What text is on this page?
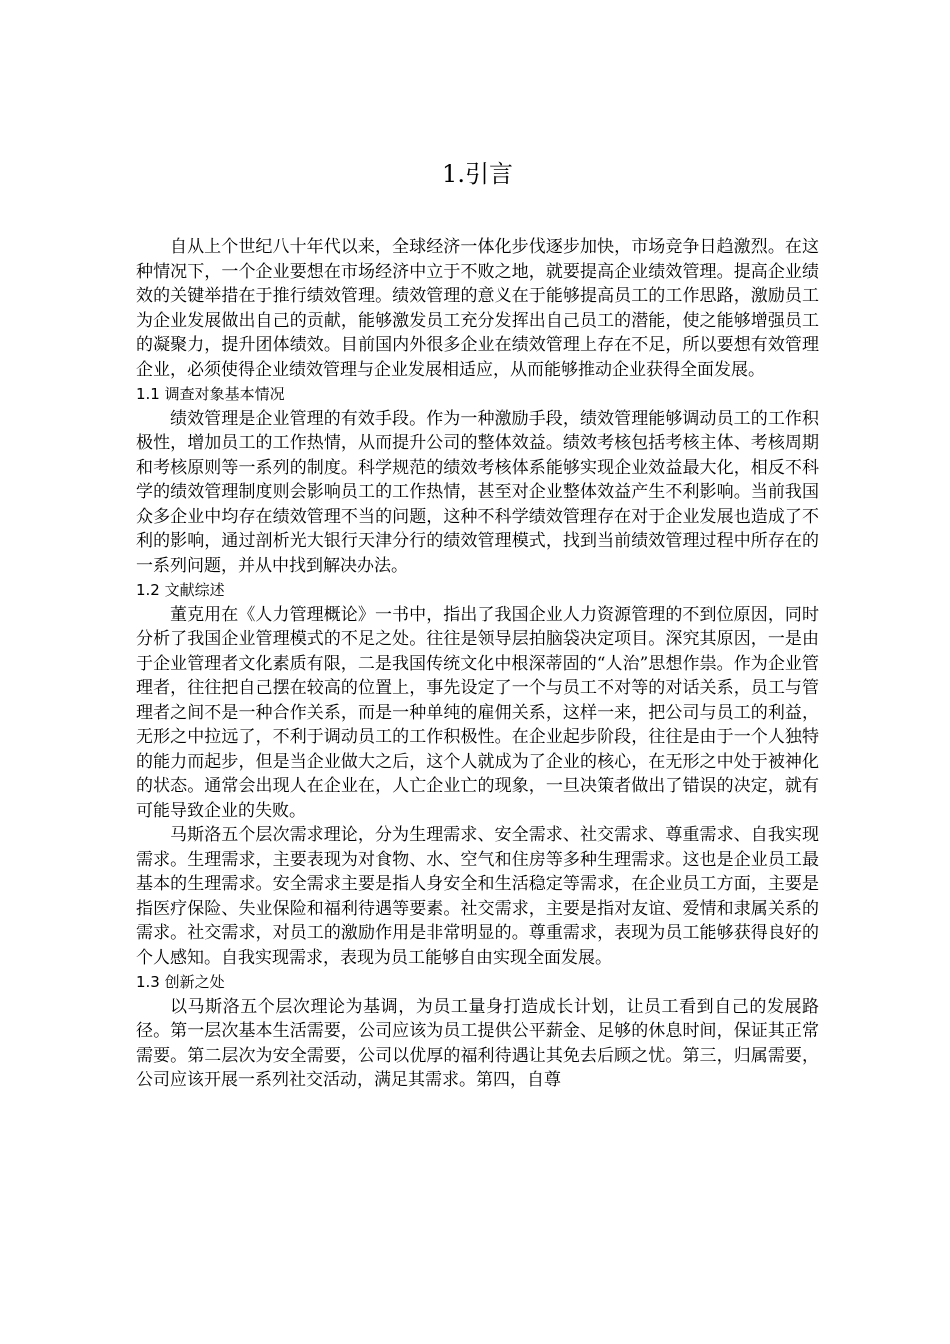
1.引言

自从上个世纪八十年代以来，全球经济一体化步伐逐步加快，市场竞争日趋激烈。在这种情况下，一个企业要想在市场经济中立于不败之地，就要提高企业绩效管理。提高企业绩效的关键举措在于推行绩效管理。绩效管理的意义在于能够提高员工的工作思路，激励员工为企业发展做出自己的贡献，能够激发员工充分发挥出自己员工的潜能，使之能够增强员工的凝聚力，提升团体绩效。目前国内外很多企业在绩效管理上存在不足，所以要想有效管理企业，必须使得企业绩效管理与企业发展相适应，从而能够推动企业获得全面发展。

1.1 调查对象基本情况

绩效管理是企业管理的有效手段。作为一种激励手段，绩效管理能够调动员工的工作积极性，增加员工的工作热情，从而提升公司的整体效益。绩效考核包括考核主体、考核周期和考核原则等一系列的制度。科学规范的绩效考核体系能够实现企业效益最大化，相反不科学的绩效管理制度则会影响员工的工作热情，甚至对企业整体效益产生不利影响。当前我国众多企业中均存在绩效管理不当的问题，这种不科学绩效管理存在对于企业发展也造成了不利的影响，通过剖析光大银行天津分行的绩效管理模式，找到当前绩效管理过程中所存在的一系列问题，并从中找到解决办法。

1.2 文献综述

董克用在《人力管理概论》一书中，指出了我国企业人力资源管理的不到位原因，同时分析了我国企业管理模式的不足之处。往往是领导层拍脑袋决定项目。深究其原因，一是由于企业管理者文化素质有限，二是我国传统文化中根深蒂固的“人治”思想作祟。作为企业管理者，往往把自己摆在较高的位置上，事先设定了一个与员工不对等的对话关系，员工与管理者之间不是一种合作关系，而是一种单纯的雇佣关系，这样一来，把公司与员工的利益，无形之中拉远了，不利于调动员工的工作积极性。在企业起步阶段，往往是由于一个人独特的能力而起步，但是当企业做大之后，这个人就成为了企业的核心，在无形之中处于被神化的状态。通常会出现人在企业在，人亡企业亡的现象，一旦决策者做出了错误的决定，就有可能导致企业的失败。

马斯洛五个层次需求理论，分为生理需求、安全需求、社交需求、尊重需求、自我实现需求。生理需求，主要表现为对食物、水、空气和住房等多种生理需求。这也是企业员工最基本的生理需求。安全需求主要是指人身安全和生活稳定等需求，在企业员工方面，主要是指医疗保险、失业保险和福利待遇等要素。社交需求，主要是指对友谊、爱情和隶属关系的需求。社交需求，对员工的激励作用是非常明显的。尊重需求，表现为员工能够获得良好的个人感知。自我实现需求，表现为员工能够自由实现全面发展。

1.3 创新之处

以马斯洛五个层次理论为基调，为员工量身打造成长计划，让员工看到自己的发展路径。第一层次基本生活需要，公司应该为员工提供公平薪金、足够的休息时间，保证其正常需要。第二层次为安全需要，公司以优厚的福利待遇让其免去后顾之忧。第三，归属需要，公司应该开展一系列社交活动，满足其需求。第四，自尊
